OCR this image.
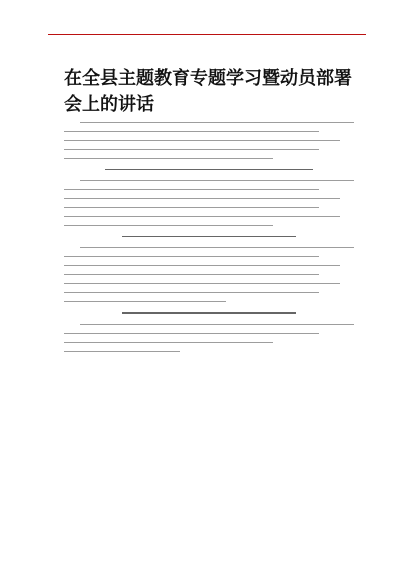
在全县主题教育专题学习暨动员部署会上的讲话
